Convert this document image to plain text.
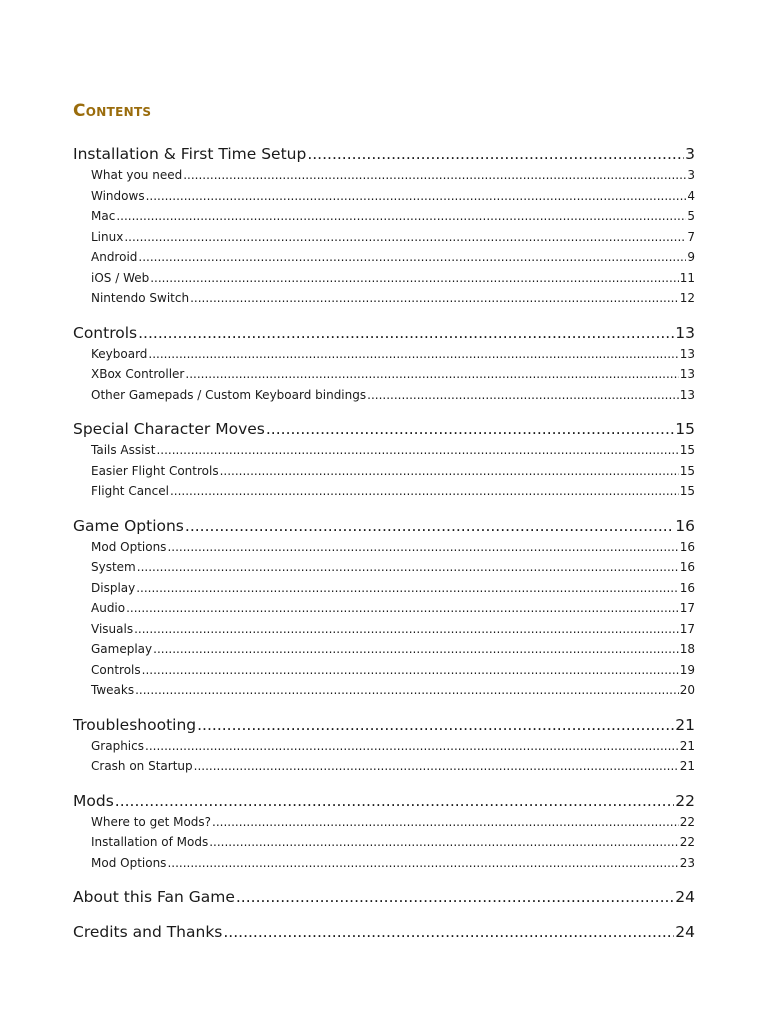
Contents
Installation & First Time Setup .....	3
What you need .....	3
Windows .....	4
Mac .....	5
Linux .....	7
Android .....	9
iOS / Web .....	11
Nintendo Switch .....	12
Controls .....	13
Keyboard .....	13
XBox Controller .....	13
Other Gamepads / Custom Keyboard bindings .....	13
Special Character Moves .....	15
Tails Assist .....	15
Easier Flight Controls .....	15
Flight Cancel .....	15
Game Options .....	16
Mod Options .....	16
System .....	16
Display .....	16
Audio .....	17
Visuals .....	17
Gameplay .....	18
Controls .....	19
Tweaks .....	20
Troubleshooting .....	21
Graphics .....	21
Crash on Startup .....	21
Mods .....	22
Where to get Mods? .....	22
Installation of Mods .....	22
Mod Options .....	23
About this Fan Game .....	24
Credits and Thanks .....	24
